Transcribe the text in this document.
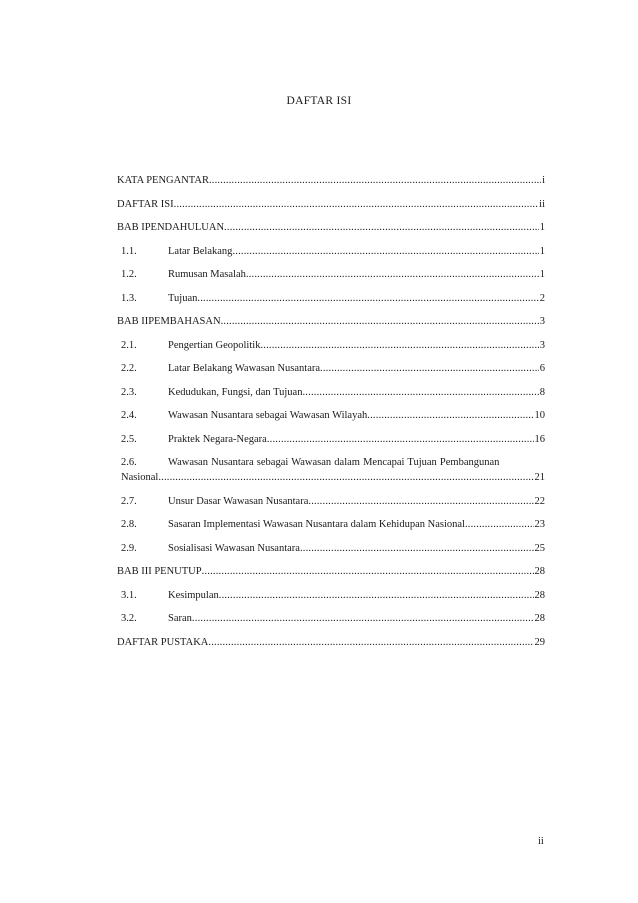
DAFTAR ISI
KATA PENGANTAR .....	i
DAFTAR ISI .....	ii
BAB IPENDAHULUAN .....	1
1.1.	Latar Belakang .....	1
1.2.	Rumusan Masalah .....	1
1.3.	Tujuan .....	2
BAB IIPEMBAHASAN .....	3
2.1.	Pengertian Geopolitik .....	3
2.2.	Latar Belakang Wawasan Nusantara .....	6
2.3.	Kedudukan, Fungsi, dan Tujuan .....	8
2.4.	Wawasan Nusantara sebagai Wawasan Wilayah .....	10
2.5.	Praktek Negara-Negara .....	16
2.6.	Wawasan Nusantara sebagai Wawasan dalam Mencapai Tujuan Pembangunan
Nasional .....	21
2.7.	Unsur Dasar Wawasan Nusantara .....	22
2.8.	Sasaran Implementasi Wawasan Nusantara dalam Kehidupan Nasional .....	23
2.9.	Sosialisasi Wawasan Nusantara .....	25
BAB III PENUTUP .....	28
3.1.	Kesimpulan .....	28
3.2.	Saran .....	28
DAFTAR PUSTAKA .....	29
ii
